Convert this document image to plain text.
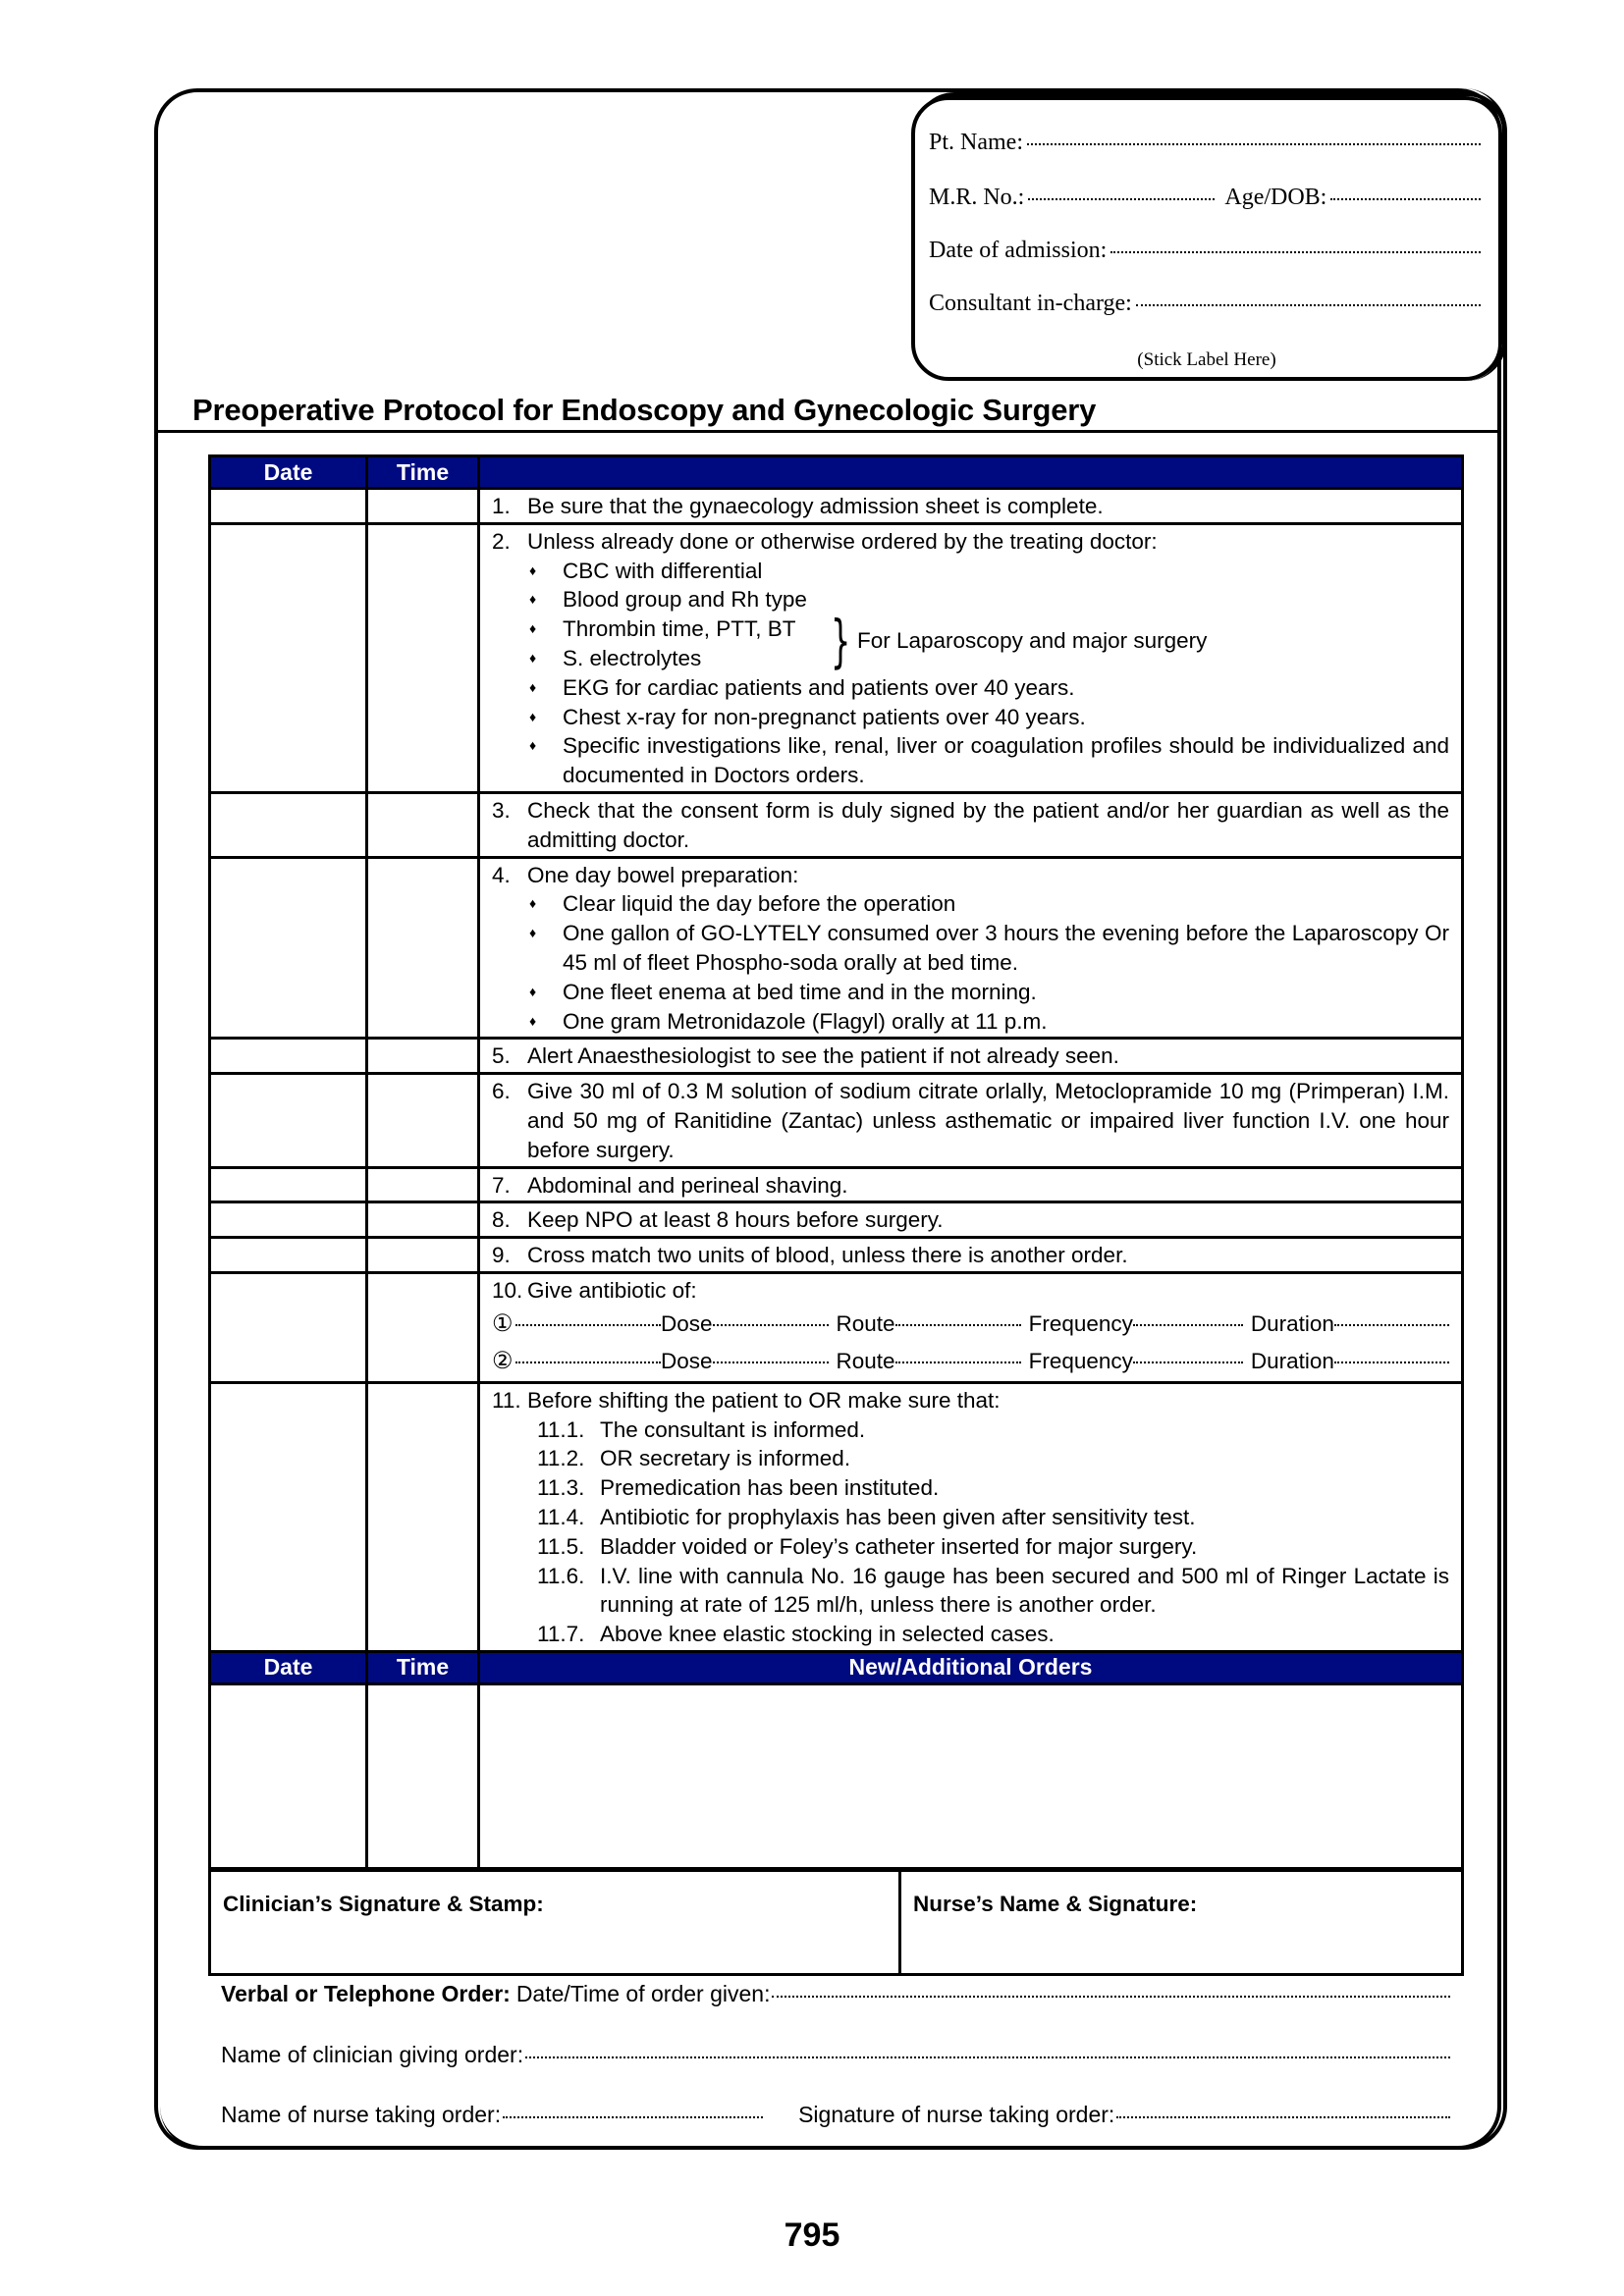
Pt. Name:
M.R. No.:	Age/DOB:
Date of admission:
Consultant in-charge:
(Stick Label Here)
Preoperative Protocol for Endoscopy and Gynecologic Surgery
Date	Time	

		1. Be sure that the gynaecology admission sheet is complete.

2. Unless already done or otherwise ordered by the treating doctor:
♦	CBC with differential
♦	Blood group and Rh type
♦	Thrombin time, PTT, BT
♦	S. electrolytes	} For Laparoscopy and major surgery
♦	EKG for cardiac patients and patients over 40 years.
♦	Chest x-ray for non-pregnanct patients over 40 years.
♦	Specific investigations like, renal, liver or coagulation profiles should be individualized and documented in Doctors orders.

		3. Check that the consent form is duly signed by the patient and/or her guardian as well as the admitting doctor.

4. One day bowel preparation:
♦	Clear liquid the day before the operation
♦	One gallon of GO-LYTELY consumed over 3 hours the evening before the Laparoscopy Or 45 ml of fleet Phospho-soda orally at bed time.
♦	One fleet enema at bed time and in the morning.
♦	One gram Metronidazole (Flagyl) orally at 11 p.m.

		5. Alert Anaesthesiologist to see the patient if not already seen.

		6. Give 30 ml of 0.3 M solution of sodium citrate orlally, Metoclopramide 10 mg (Primperan) I.M. and 50 mg of Ranitidine (Zantac) unless asthematic or impaired liver function I.V. one hour before surgery.

		7. Abdominal and perineal shaving.

		8. Keep NPO at least 8 hours before surgery.

		9. Cross match two units of blood, unless there is another order.

10. Give antibiotic of:
①	Dose	Route	Frequency	Duration
②	Dose	Route	Frequency	Duration

11. Before shifting the patient to OR make sure that:
11.1. The consultant is informed.
11.2. OR secretary is informed.
11.3. Premedication has been instituted.
11.4. Antibiotic for prophylaxis has been given after sensitivity test.
11.5. Bladder voided or Foley’s catheter inserted for major surgery.
11.6. I.V. line with cannula No. 16 gauge has been secured and 500 ml of Ringer Lactate is running at rate of 125 ml/h, unless there is another order.
11.7. Above knee elastic stocking in selected cases.

Date	Time	New/Additional Orders

Clinician’s Signature & Stamp: Nurse’s Name & Signature:		
Verbal or Telephone Order: Date/Time of order given:
Name of clinician giving order:
Name of nurse taking order:	Signature of nurse taking order:
795
